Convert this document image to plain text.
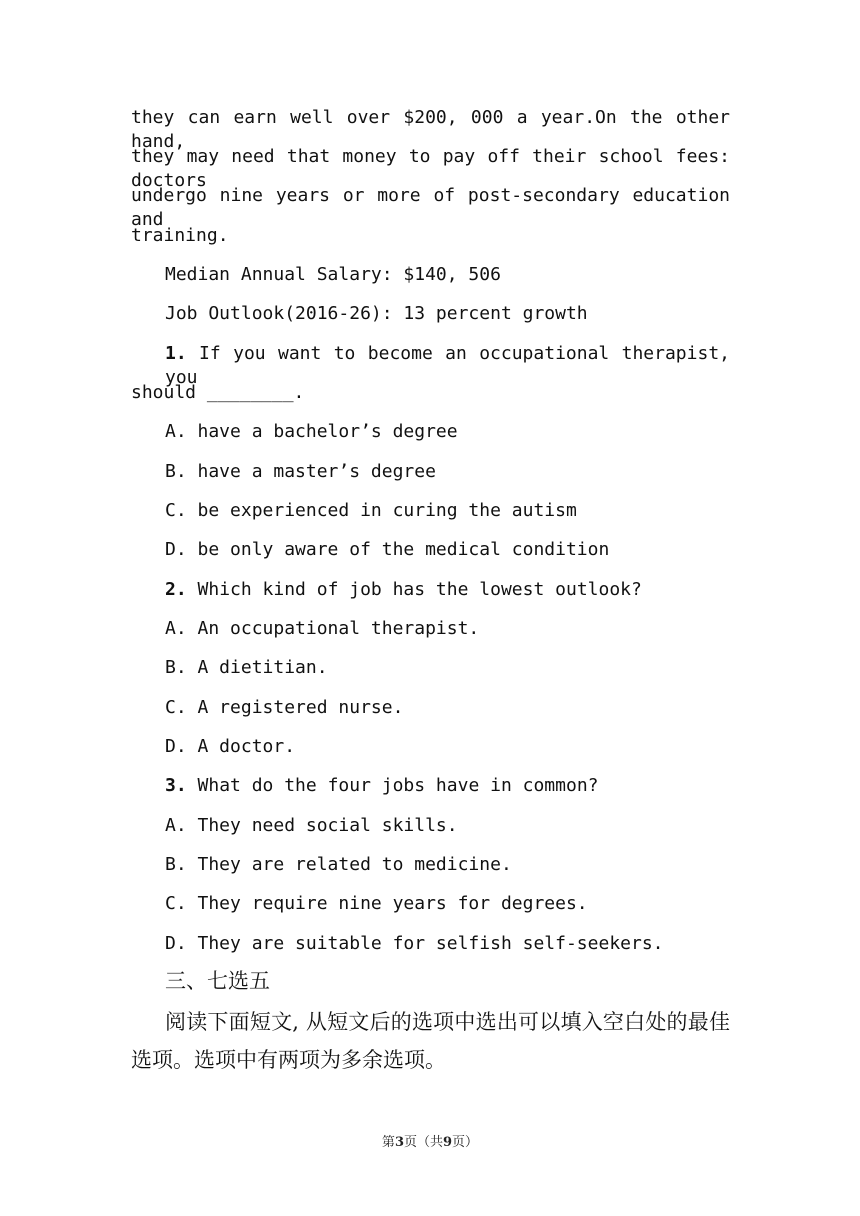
they can earn well over $200, 000 a year.On the other hand,
they may need that money to pay off their school fees: doctors
undergo nine years or more of post-secondary education and
training.
Median Annual Salary: $140, 506
Job Outlook(2016-26): 13 percent growth
1. If you want to become an occupational therapist, you
should ________.
A. have a bachelor’s degree
B. have a master’s degree
C. be experienced in curing the autism
D. be only aware of the medical condition
2. Which kind of job has the lowest outlook?
A. An occupational therapist.
B. A dietitian.
C. A registered nurse.
D. A doctor.
3. What do the four jobs have in common?
A. They need social skills.
B. They are related to medicine.
C. They require nine years for degrees.
D. They are suitable for selfish self-seekers.
三、七选五
阅读下面短文, 从短文后的选项中选出可以填入空白处的最佳
选项。选项中有两项为多余选项。
第3页（共9页）
